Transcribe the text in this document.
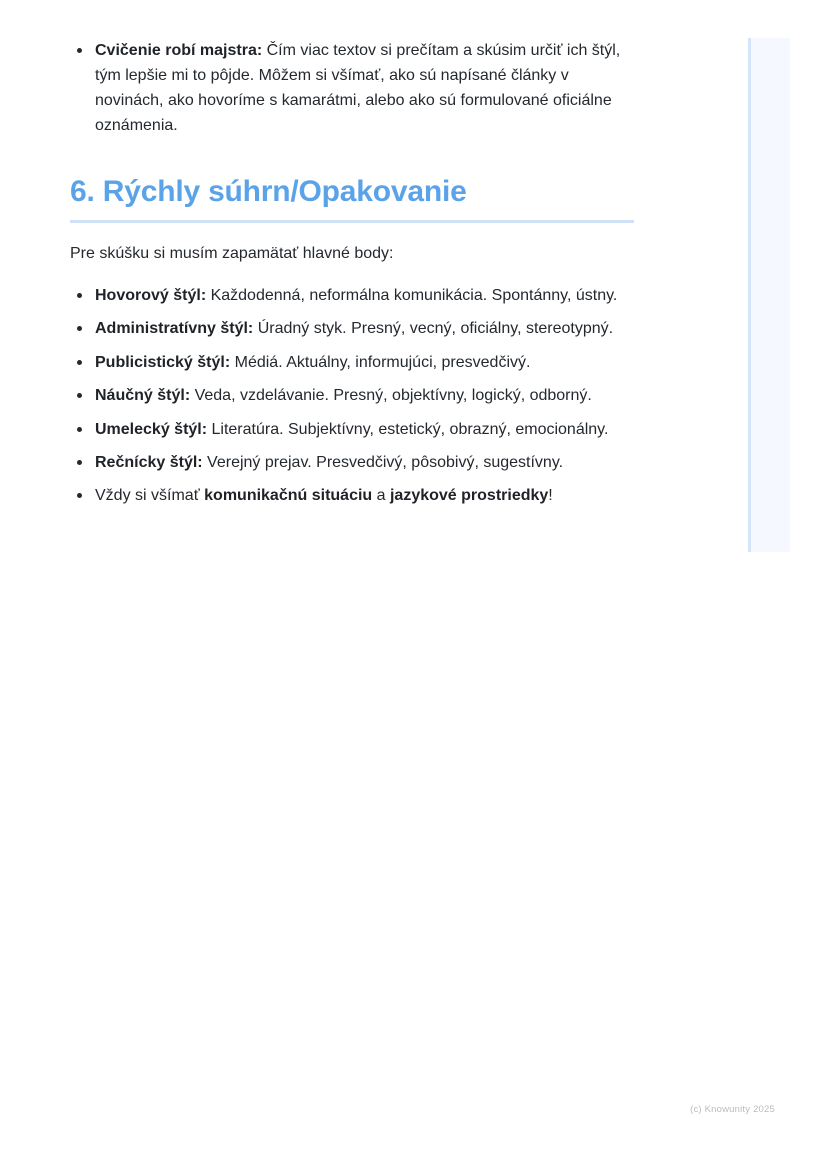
Cvičenie robí majstra: Čím viac textov si prečítam a skúsim určiť ich štýl, tým lepšie mi to pôjde. Môžem si všímať, ako sú napísané články v novinách, ako hovoríme s kamarátmi, alebo ako sú formulované oficiálne oznámenia.
6. Rýchly súhrn/Opakovanie

Pre skúšku si musím zapamätať hlavné body:

Hovorový štýl: Každodenná, neformálna komunikácia. Spontánny, ústny.
Administratívny štýl: Úradný styk. Presný, vecný, oficiálny, stereotypný.
Publicistický štýl: Médiá. Aktuálny, informujúci, presvedčivý.
Náučný štýl: Veda, vzdelávanie. Presný, objektívny, logický, odborný.
Umelecký štýl: Literatúra. Subjektívny, estetický, obrazný, emocionálny.
Rečnícky štýl: Verejný prejav. Presvedčivý, pôsobivý, sugestívny.
Vždy si všímať komunikačnú situáciu a jazykové prostriedky!
(c) Knowunity 2025
